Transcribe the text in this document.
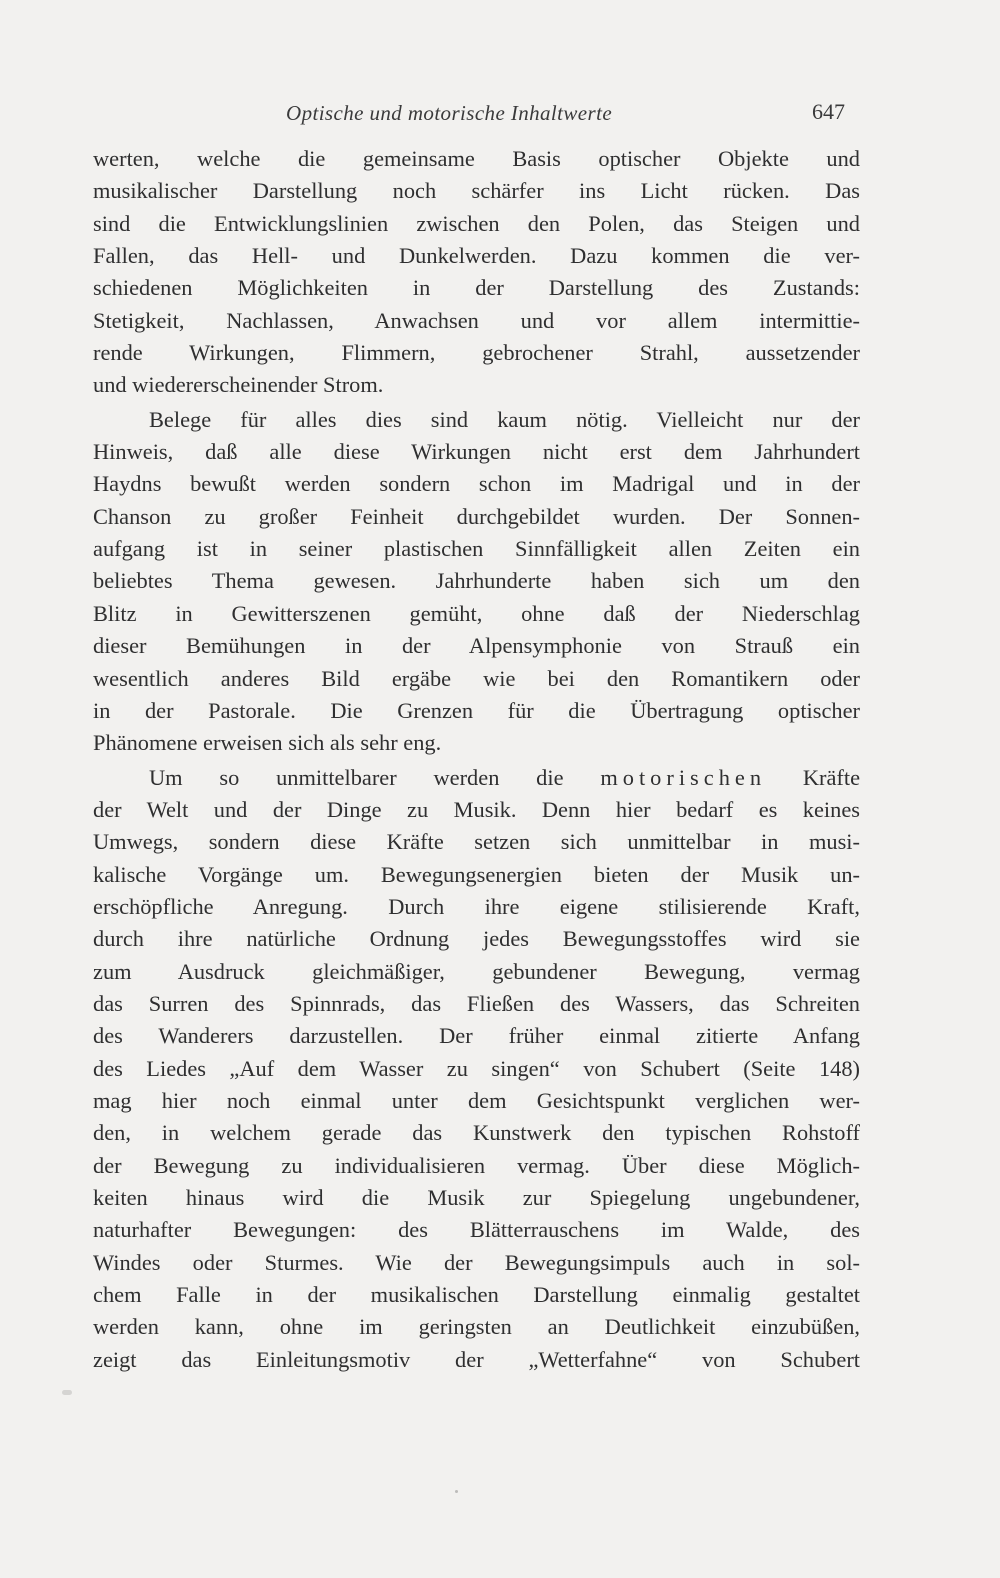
Optische und motorische Inhaltwerte	647
werten, welche die gemeinsame Basis optischer Objekte und
musikalischer Darstellung noch schärfer ins Licht rücken. Das
sind die Entwicklungslinien zwischen den Polen, das Steigen und
Fallen, das Hell- und Dunkelwerden. Dazu kommen die ver-
schiedenen Möglichkeiten in der Darstellung des Zustands:
Stetigkeit, Nachlassen, Anwachsen und vor allem intermittie-
rende Wirkungen, Flimmern, gebrochener Strahl, aussetzender
und wiedererscheinender Strom.
Belege für alles dies sind kaum nötig. Vielleicht nur der
Hinweis, daß alle diese Wirkungen nicht erst dem Jahrhundert
Haydns bewußt werden sondern schon im Madrigal und in der
Chanson zu großer Feinheit durchgebildet wurden. Der Sonnen-
aufgang ist in seiner plastischen Sinnfälligkeit allen Zeiten ein
beliebtes Thema gewesen. Jahrhunderte haben sich um den
Blitz in Gewitterszenen gemüht, ohne daß der Niederschlag
dieser Bemühungen in der Alpensymphonie von Strauß ein
wesentlich anderes Bild ergäbe wie bei den Romantikern oder
in der Pastorale. Die Grenzen für die Übertragung optischer
Phänomene erweisen sich als sehr eng.
Um so unmittelbarer werden die motorischen Kräfte
der Welt und der Dinge zu Musik. Denn hier bedarf es keines
Umwegs, sondern diese Kräfte setzen sich unmittelbar in musi-
kalische Vorgänge um. Bewegungsenergien bieten der Musik un-
erschöpfliche Anregung. Durch ihre eigene stilisierende Kraft,
durch ihre natürliche Ordnung jedes Bewegungsstoffes wird sie
zum Ausdruck gleichmäßiger, gebundener Bewegung, vermag
das Surren des Spinnrads, das Fließen des Wassers, das Schreiten
des Wanderers darzustellen. Der früher einmal zitierte Anfang
des Liedes „Auf dem Wasser zu singen“ von Schubert (Seite 148)
mag hier noch einmal unter dem Gesichtspunkt verglichen wer-
den, in welchem gerade das Kunstwerk den typischen Rohstoff
der Bewegung zu individualisieren vermag. Über diese Möglich-
keiten hinaus wird die Musik zur Spiegelung ungebundener,
naturhafter Bewegungen: des Blätterrauschens im Walde, des
Windes oder Sturmes. Wie der Bewegungsimpuls auch in sol-
chem Falle in der musikalischen Darstellung einmalig gestaltet
werden kann, ohne im geringsten an Deutlichkeit einzubüßen,
zeigt das Einleitungsmotiv der „Wetterfahne“ von Schubert
